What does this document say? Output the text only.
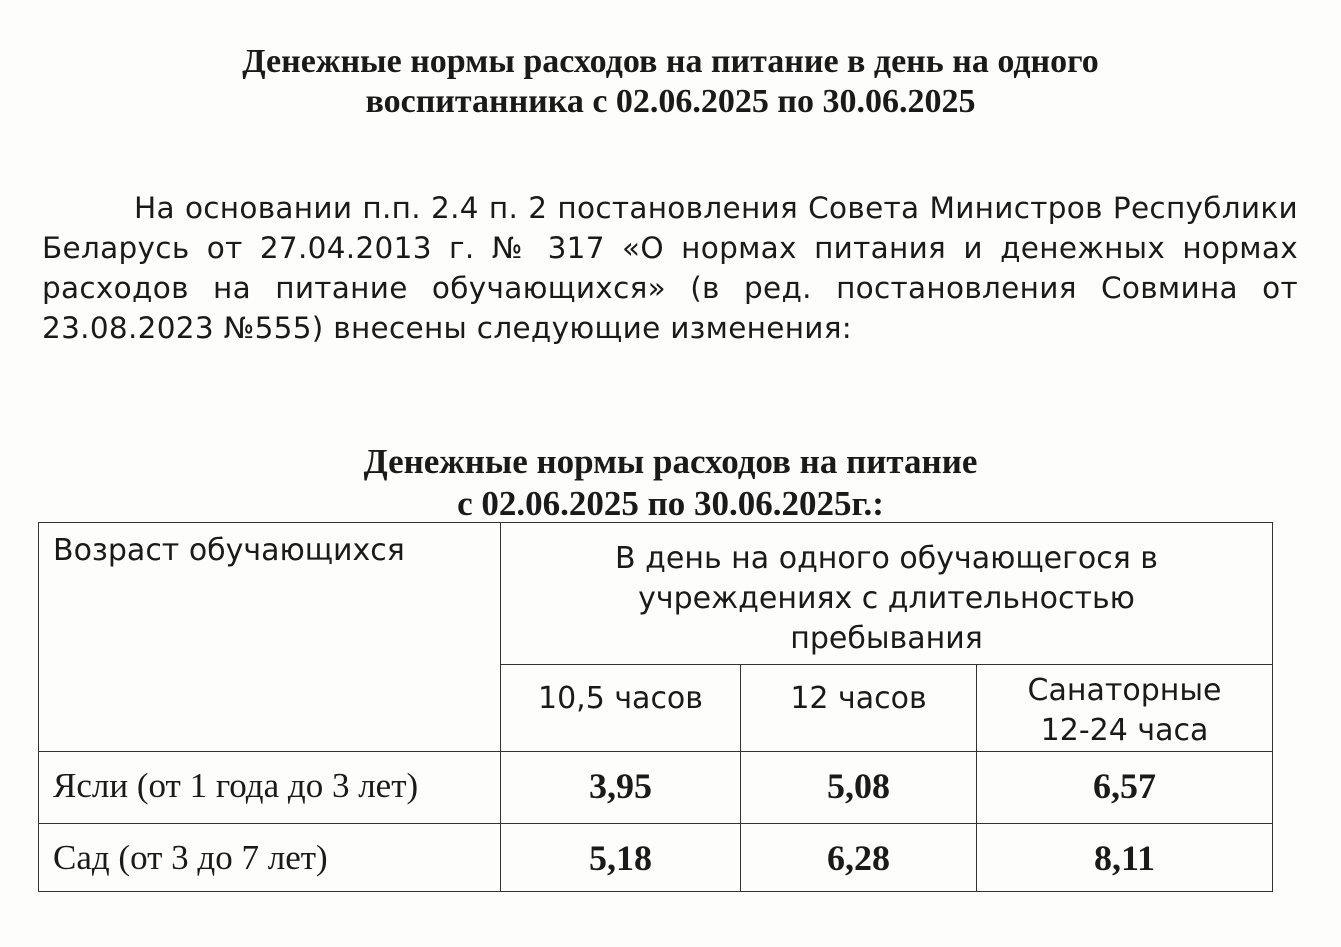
Денежные нормы расходов на питание в день на одного
воспитанника с 02.06.2025 по 30.06.2025
На основании п.п. 2.4 п. 2 постановления Совета Министров Республики Беларусь от 27.04.2013 г. № 317 «О нормах питания и денежных нормах расходов на питание обучающихся» (в ред. постановления Совмина от 23.08.2023 №555) внесены следующие изменения:
Денежные нормы расходов на питание
с 02.06.2025 по 30.06.2025г.:
Возраст обучающихся	В день на одного обучающегося в
учреждениях с длительностью
пребывания		

	10,5 часов	12 часов	Санаторные
12-24 часа

Ясли (от 1 года до 3 лет)	3,95	5,08	6,57
Сад (от 3 до 7 лет)	5,18	6,28	8,11
